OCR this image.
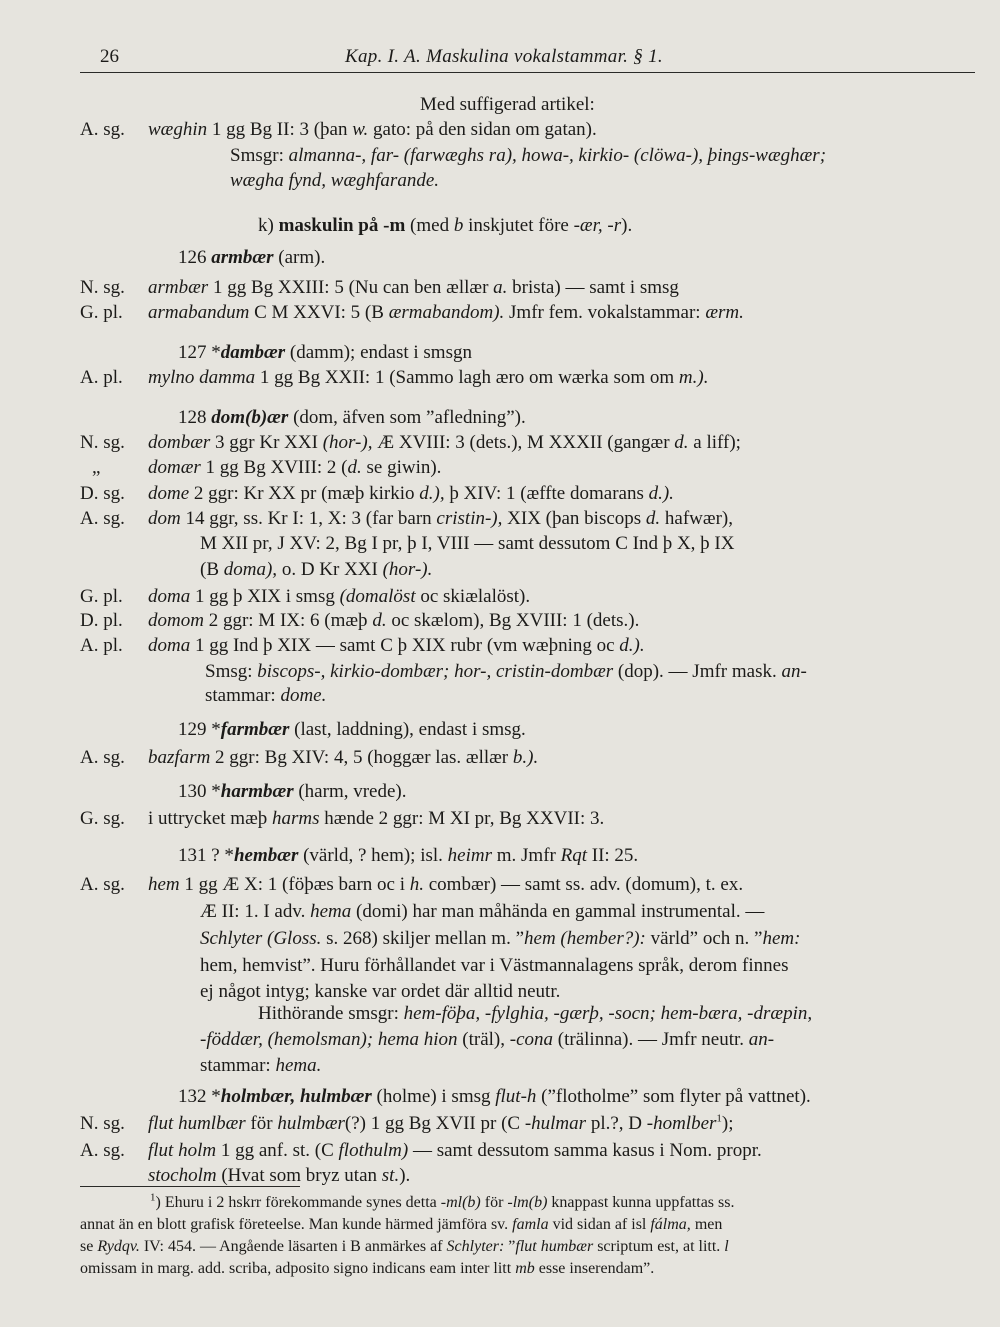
26	Kap. I. A. Maskulina vokalstammar. § 1.
Med suffigerad artikel:
A. sg. wæghin 1 gg Bg II: 3 (þan w. gato: på den sidan om gatan).
Smsgr: almanna-, far- (farwæghs ra), howa-, kirkio- (clöwa-), þings-wæghær;
wægha fynd, wæghfarande.
k) maskulin på -m (med b inskjutet före -ær, -r).
126 armbær (arm).
N. sg. armbær 1 gg Bg XXIII: 5 (Nu can ben ællær a. brista) — samt i smsg
G. pl. armabandum C M XXVI: 5 (B ærmabandom). Jmfr fem. vokalstammar: ærm.
127 *dambær (damm); endast i smsgn
A. pl. mylno damma 1 gg Bg XXII: 1 (Sammo lagh æro om wærka som om m.).
128 dom(b)ær (dom, äfven som ”afledning”).
N. sg. dombær 3 ggr Kr XXI (hor-), Æ XVIII: 3 (dets.), M XXXII (gangær d. a liff);
„	domær 1 gg Bg XVIII: 2 (d. se giwin).
D. sg. dome 2 ggr: Kr XX pr (mæþ kirkio d.), þ XIV: 1 (æffte domarans d.).
A. sg. dom 14 ggr, ss. Kr I: 1, X: 3 (far barn cristin-), XIX (þan biscops d. hafwær),
M XII pr, J XV: 2, Bg I pr, þ I, VIII — samt dessutom C Ind þ X, þ IX
(B doma), o. D Kr XXI (hor-).
G. pl. doma 1 gg þ XIX i smsg (domalöst oc skiælalöst).
D. pl. domom 2 ggr: M IX: 6 (mæþ d. oc skælom), Bg XVIII: 1 (dets.).
A. pl. doma 1 gg Ind þ XIX — samt C þ XIX rubr (vm wæþning oc d.).
Smsg: biscops-, kirkio-dombær; hor-, cristin-dombær (dop). — Jmfr mask. an-
stammar: dome.
129 *farmbær (last, laddning), endast i smsg.
A. sg. bazfarm 2 ggr: Bg XIV: 4, 5 (hoggær las. ællær b.).
130 *harmbær (harm, vrede).
G. sg. i uttrycket mæþ harms hænde 2 ggr: M XI pr, Bg XXVII: 3.
131 ? *hembær (värld, ? hem); isl. heimr m. Jmfr Rqt II: 25.
A. sg. hem 1 gg Æ X: 1 (föþæs barn oc i h. combær) — samt ss. adv. (domum), t. ex.
Æ II: 1. I adv. hema (domi) har man måhända en gammal instrumental. —
Schlyter (Gloss. s. 268) skiljer mellan m. ”hem (hember?): värld” och n. ”hem:
hem, hemvist”. Huru förhållandet var i Västmannalagens språk, derom finnes
ej något intyg; kanske var ordet där alltid neutr.
Hithörande smsgr: hem-föþa, -fylghia, -gærþ, -socn; hem-bæra, -dræpin,
-föddær, (hemolsman); hema hion (träl), -cona (trälinna). — Jmfr neutr. an-
stammar: hema.
132 *holmbær, hulmbær (holme) i smsg flut-h (”flotholme” som flyter på vattnet).
N. sg. flut humlbær för hulmbær(?) 1 gg Bg XVII pr (C -hulmar pl.?, D -homlber$^1$);
A. sg. flut holm 1 gg anf. st. (C flothulm) — samt dessutom samma kasus i Nom. propr.
stocholm (Hvat som bryz utan st.).
$^1$) Ehuru i 2 hskrr förekommande synes detta -ml(b) för -lm(b) knappast kunna uppfattas ss.
annat än en blott grafisk företeelse. Man kunde härmed jämföra sv. famla vid sidan af isl fálma, men
se Rydqv. IV: 454. — Angående läsarten i B anmärkes af Schlyter: ”flut humbær scriptum est, at litt. l
omissam in marg. add. scriba, adposito signo indicans eam inter litt mb esse inserendam”.
